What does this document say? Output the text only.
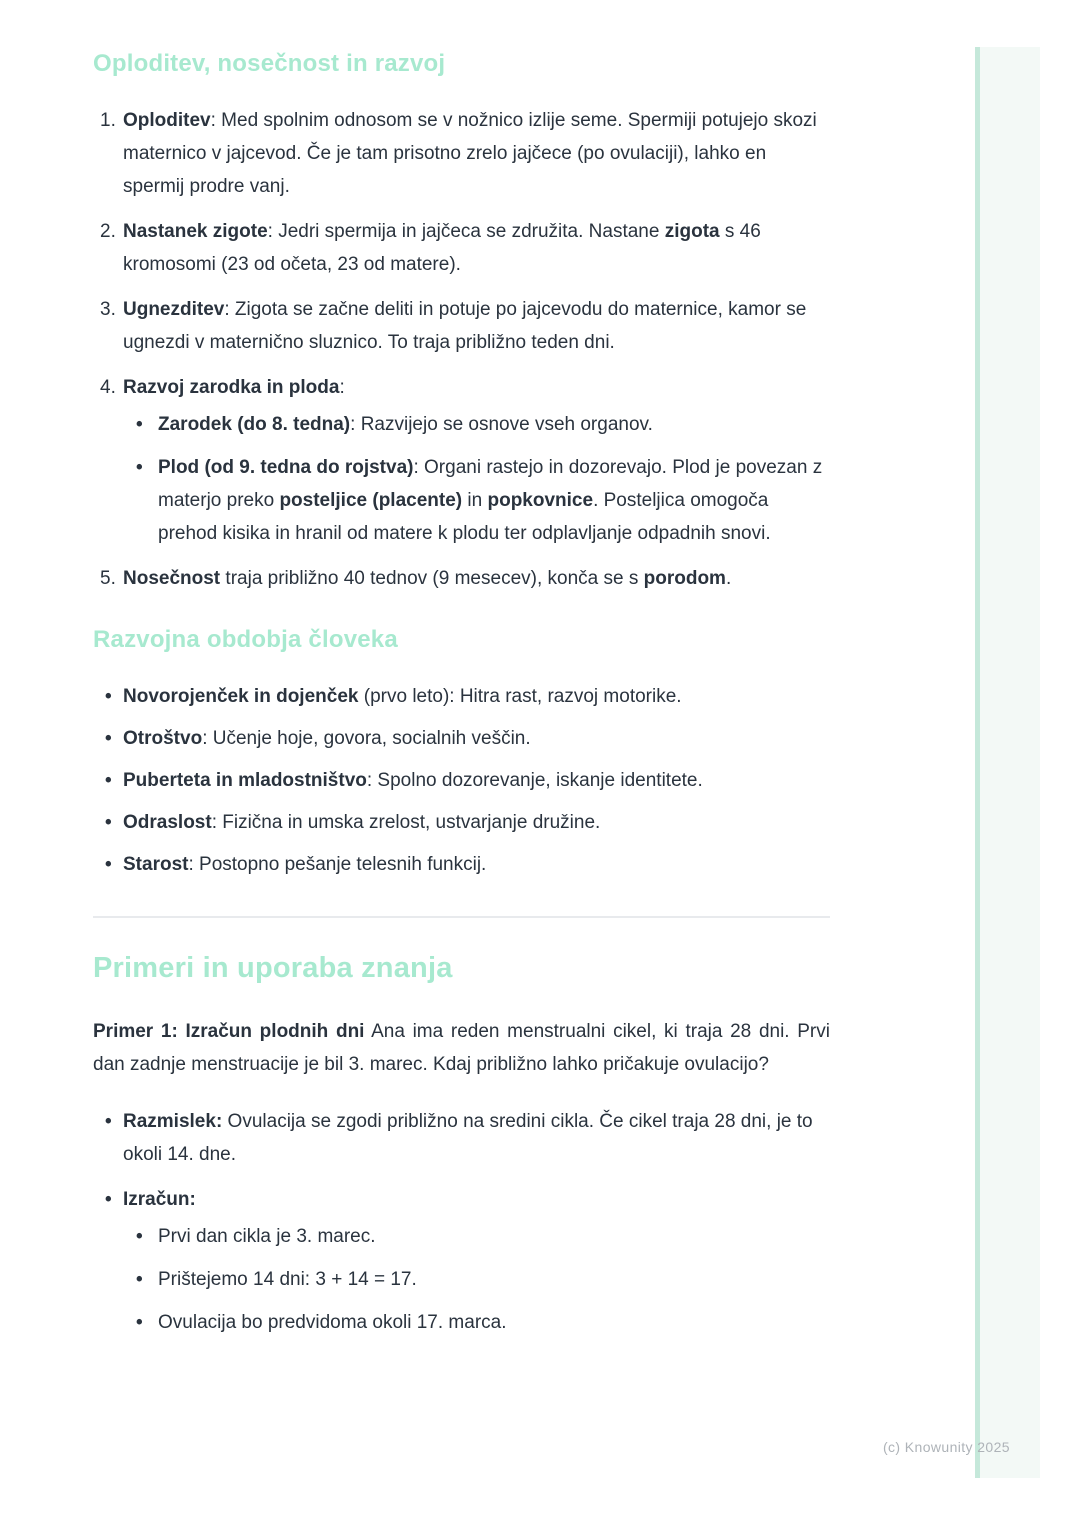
Oploditev, nosečnost in razvoj
1. Oploditev: Med spolnim odnosom se v nožnico izlije seme. Spermiji potujejo skozi maternico v jajcevod. Če je tam prisotno zrelo jajčece (po ovulaciji), lahko en spermij prodre vanj.
2. Nastanek zigote: Jedri spermija in jajčeca se združita. Nastane zigota s 46 kromosomi (23 od očeta, 23 od matere).
3. Ugnezditev: Zigota se začne deliti in potuje po jajcevodu do maternice, kamor se ugnezdi v maternično sluznico. To traja približno teden dni.
4. Razvoj zarodka in ploda:
• Zarodek (do 8. tedna): Razvijejo se osnove vseh organov.
• Plod (od 9. tedna do rojstva): Organi rastejo in dozorevajo. Plod je povezan z materjo preko posteljice (placente) in popkovnice. Posteljica omogoča prehod kisika in hranil od matere k plodu ter odplavljanje odpadnih snovi.
5. Nosečnost traja približno 40 tednov (9 mesecev), konča se s porodom.
Razvojna obdobja človeka
• Novorojenček in dojenček (prvo leto): Hitra rast, razvoj motorike.
• Otroštvo: Učenje hoje, govora, socialnih veščin.
• Puberteta in mladostništvo: Spolno dozorevanje, iskanje identitete.
• Odraslost: Fizična in umska zrelost, ustvarjanje družine.
• Starost: Postopno pešanje telesnih funkcij.
Primeri in uporaba znanja

Primer 1: Izračun plodnih dni Ana ima reden menstrualni cikel, ki traja 28 dni. Prvi dan zadnje menstruacije je bil 3. marec. Kdaj približno lahko pričakuje ovulacijo?

• Razmislek: Ovulacija se zgodi približno na sredini cikla. Če cikel traja 28 dni, je to okoli 14. dne.
• Izračun:
• Prvi dan cikla je 3. marec.
• Prištejemo 14 dni: 3 + 14 = 17.
• Ovulacija bo predvidoma okoli 17. marca.
(c) Knowunity 2025
